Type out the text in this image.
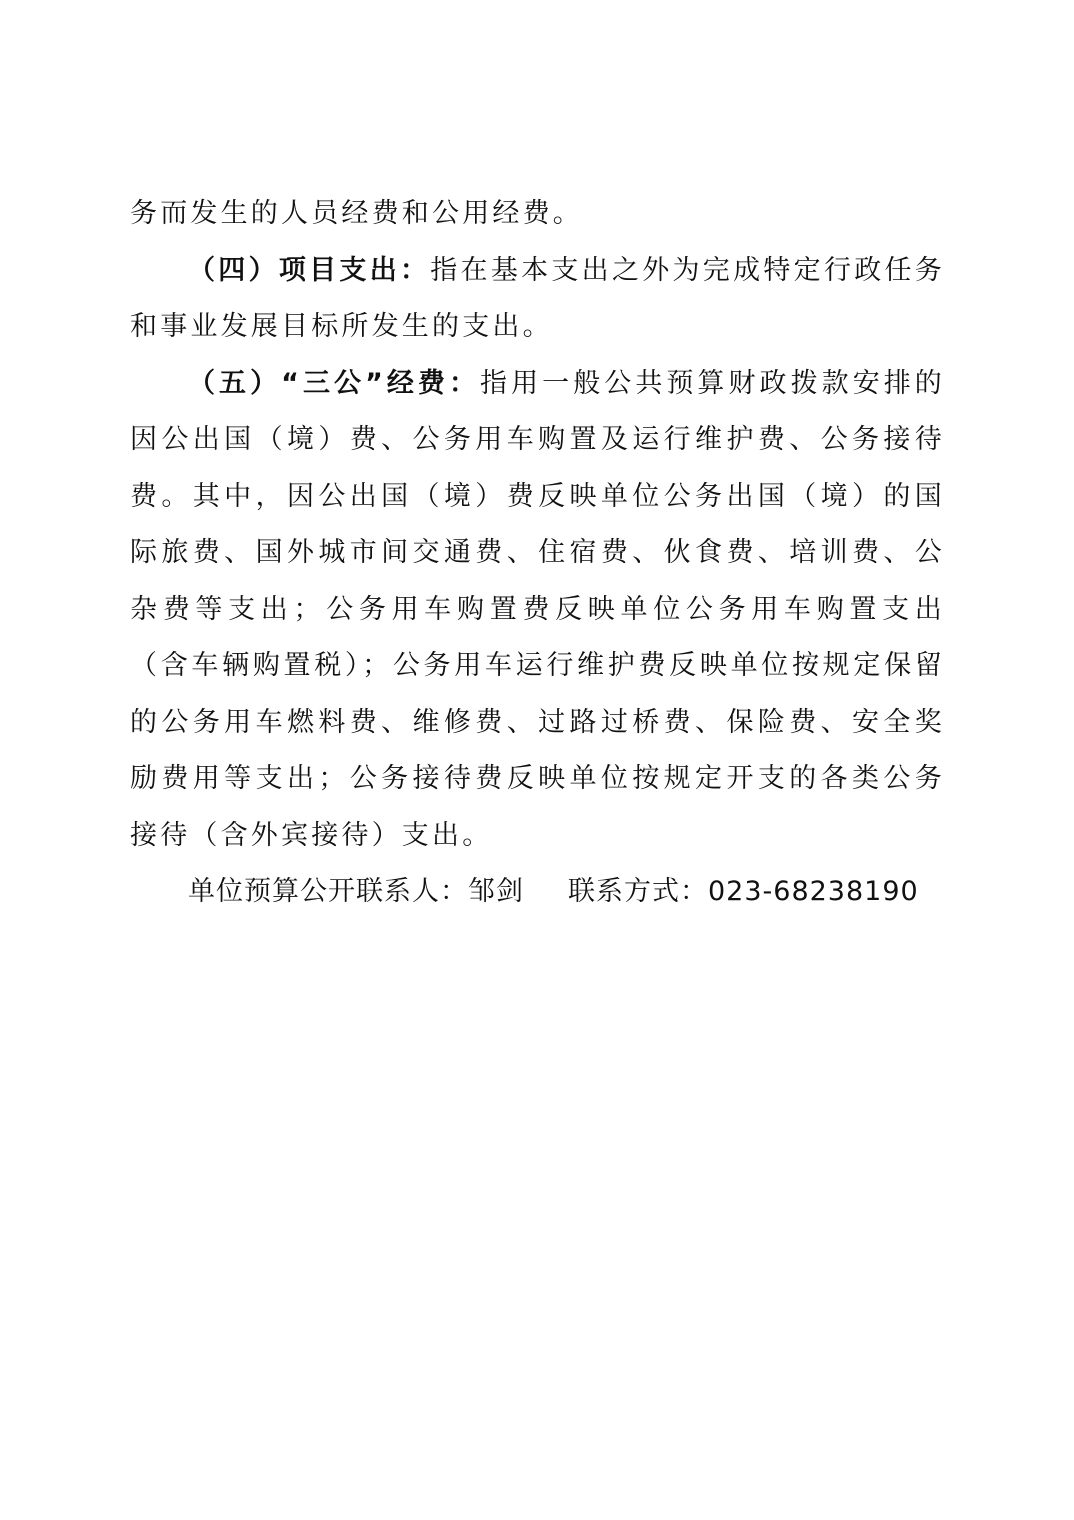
务而发生的人员经费和公用经费。

（四）项目支出：指在基本支出之外为完成特定行政任务和事业发展目标所发生的支出。

（五）“三公”经费：指用一般公共预算财政拨款安排的因公出国（境）费、公务用车购置及运行维护费、公务接待费。其中，因公出国（境）费反映单位公务出国（境）的国际旅费、国外城市间交通费、住宿费、伙食费、培训费、公杂费等支出；公务用车购置费反映单位公务用车购置支出（含车辆购置税）；公务用车运行维护费反映单位按规定保留的公务用车燃料费、维修费、过路过桥费、保险费、安全奖励费用等支出；公务接待费反映单位按规定开支的各类公务接待（含外宾接待）支出。

单位预算公开联系人：邹剑 联系方式：023-68238190
